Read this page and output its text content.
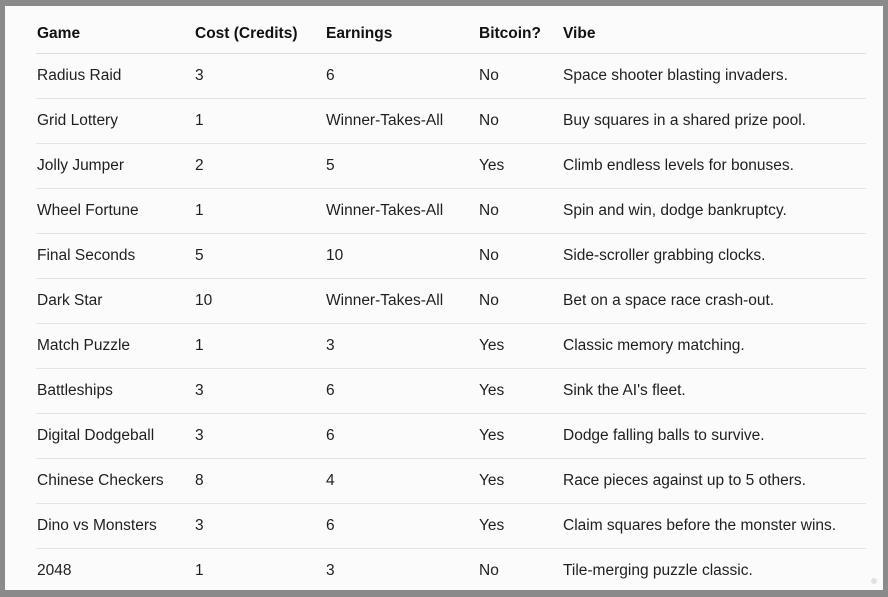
Game	Cost (Credits)	Earnings	Bitcoin?	Vibe
Radius Raid	3	6	No	Space shooter blasting invaders.
Grid Lottery	1	Winner-Takes-All	No	Buy squares in a shared prize pool.
Jolly Jumper	2	5	Yes	Climb endless levels for bonuses.
Wheel Fortune	1	Winner-Takes-All	No	Spin and win, dodge bankruptcy.
Final Seconds	5	10	No	Side-scroller grabbing clocks.
Dark Star	10	Winner-Takes-All	No	Bet on a space race crash-out.
Match Puzzle	1	3	Yes	Classic memory matching.
Battleships	3	6	Yes	Sink the AI's fleet.
Digital Dodgeball	3	6	Yes	Dodge falling balls to survive.
Chinese Checkers	8	4	Yes	Race pieces against up to 5 others.
Dino vs Monsters	3	6	Yes	Claim squares before the monster wins.
2048	1	3	No	Tile-merging puzzle classic.
